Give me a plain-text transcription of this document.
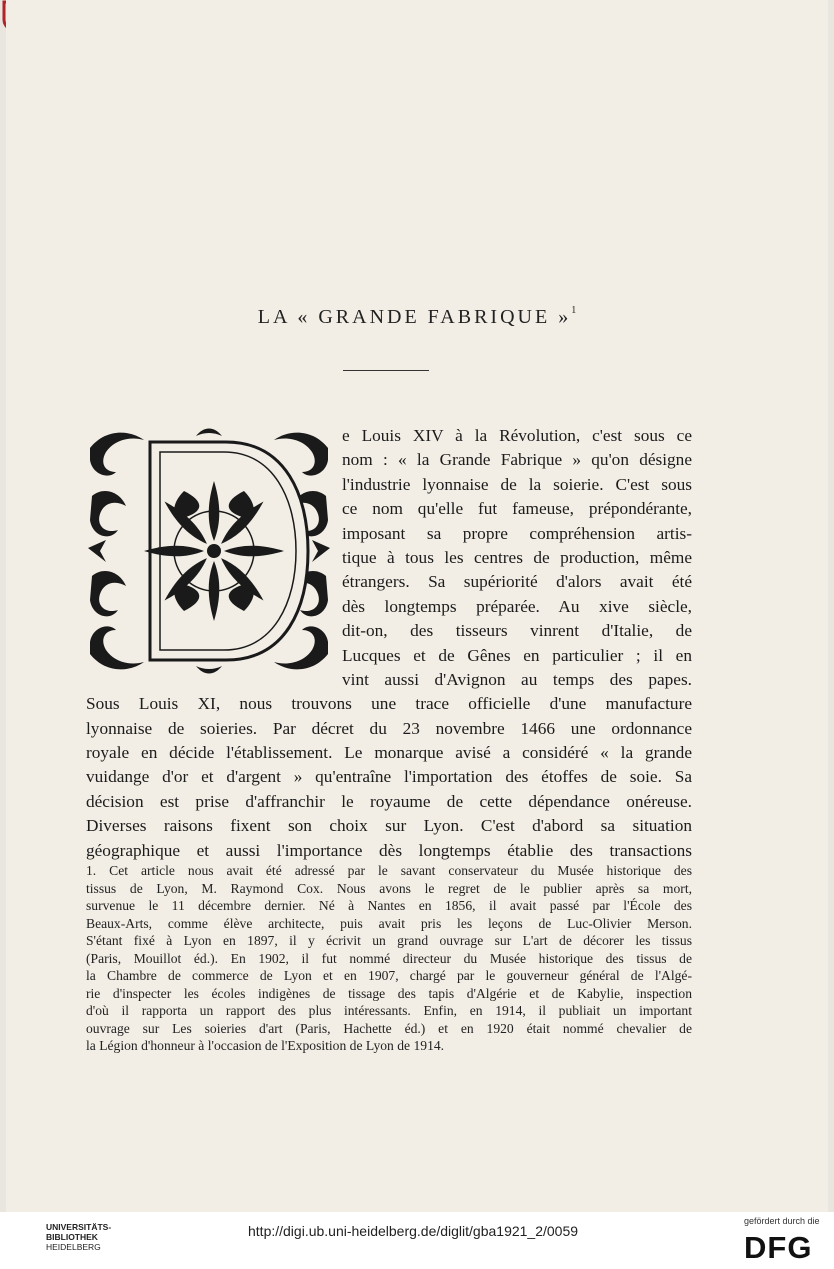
LA « GRANDE FABRIQUE »$^1$
D	e Louis XIV à la Révolution, c'est sous ce
nom : « la Grande Fabrique » qu'on désigne
l'industrie lyonnaise de la soierie. C'est sous
ce nom qu'elle fut fameuse, prépondérante,
imposant sa propre compréhension artis-
tique à tous les centres de production, même
étrangers. Sa supériorité d'alors avait été
dès longtemps préparée. Au xive siècle,
dit-on, des tisseurs vinrent d'Italie, de
Lucques et de Gênes en particulier ; il en
vint aussi d'Avignon au temps des papes.
Sous Louis XI, nous trouvons une trace officielle d'une manufacture
lyonnaise de soieries. Par décret du 23 novembre 1466 une ordonnance
royale en décide l'établissement. Le monarque avisé a considéré « la grande
vuidange d'or et d'argent » qu'entraîne l'importation des étoffes de soie. Sa
décision est prise d'affranchir le royaume de cette dépendance onéreuse.
Diverses raisons fixent son choix sur Lyon. C'est d'abord sa situation
géographique et aussi l'importance dès longtemps établie des transactions
1. Cet article nous avait été adressé par le savant conservateur du Musée historique des
tissus de Lyon, M. Raymond Cox. Nous avons le regret de le publier après sa mort,
survenue le 11 décembre dernier. Né à Nantes en 1856, il avait passé par l'École des
Beaux-Arts, comme élève architecte, puis avait pris les leçons de Luc-Olivier Merson.
S'étant fixé à Lyon en 1897, il y écrivit un grand ouvrage sur L'art de décorer les tissus
(Paris, Mouillot éd.). En 1902, il fut nommé directeur du Musée historique des tissus de
la Chambre de commerce de Lyon et en 1907, chargé par le gouverneur général de l'Algé-
rie d'inspecter les écoles indigènes de tissage des tapis d'Algérie et de Kabylie, inspection
d'où il rapporta un rapport des plus intéressants. Enfin, en 1914, il publiait un important
ouvrage sur Les soieries d'art (Paris, Hachette éd.) et en 1920 était nommé chevalier de
la Légion d'honneur à l'occasion de l'Exposition de Lyon de 1914.
UNIVERSITÄTS-
BIBLIOTHEK
HEIDELBERG
http://digi.ub.uni-heidelberg.de/diglit/gba1921_2/0059
gefördert durch die
DFG
